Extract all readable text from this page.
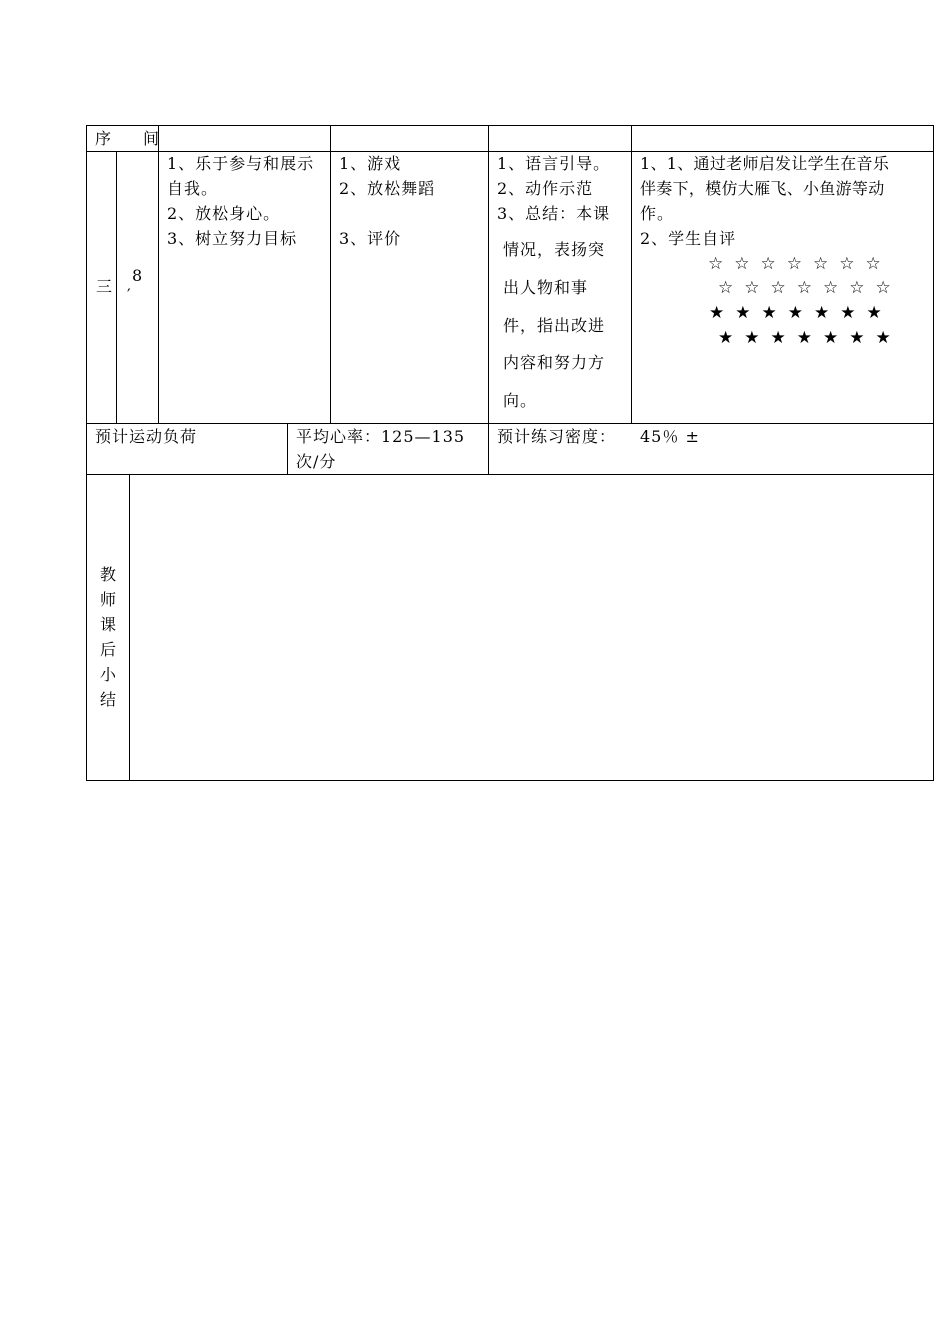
序　间
三
8
′
1、乐于参与和展示
自我。
2、放松身心。
3、树立努力目标
1、游戏
2、放松舞蹈
3、评价
1、语言引导。
2、动作示范
3、总结：本课
情况，表扬突
出人物和事
件，指出改进
内容和努力方
向。
1、1、通过老师启发让学生在音乐
伴奏下，模仿大雁飞、小鱼游等动
作。
2、学生自评
☆☆☆☆☆☆☆
☆☆☆☆☆☆☆
★★★★★★★
★★★★★★★
预计运动负荷	平均心率：125—135
次/分
预计练习密度： 45％ ±
教
师
课
后
小
结
